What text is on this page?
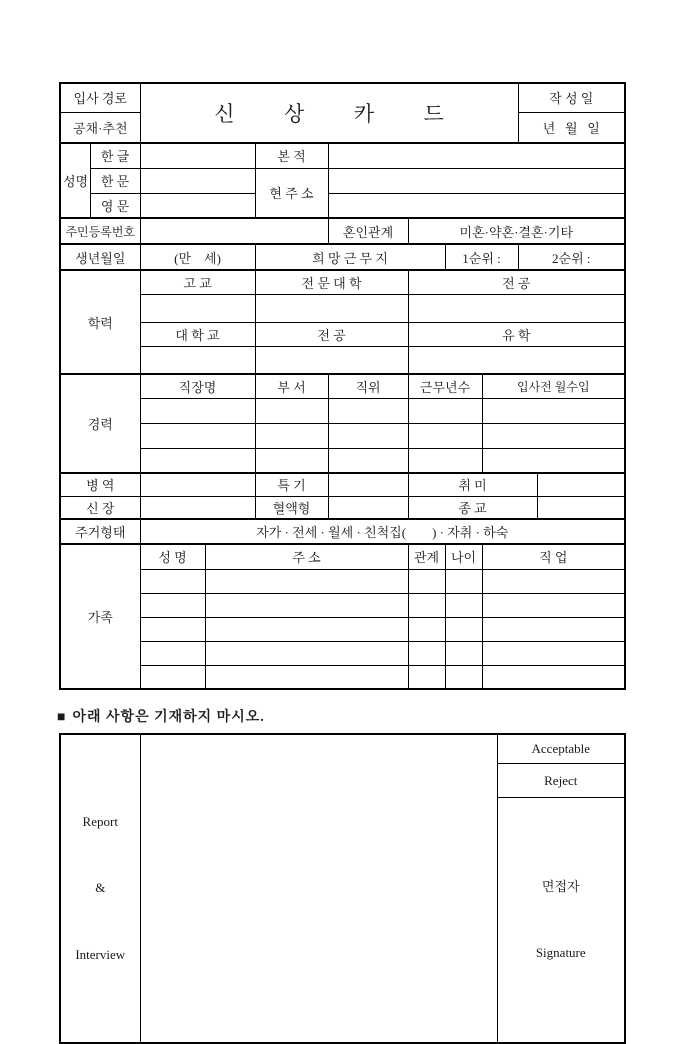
입사 경로		신  상  카  드							작 성 일	
공채·추천									년   월   일	
성명	한 글			본 적						
	한 문			현 주 소						
	영 문									
주민등록번호					혼인관계	미혼·약혼·결혼·기타				
생년월일		(만    세)		희 망 근 무 지			1순위 :		2순위 :	
학력		고 교		전 문 대 학		전 공				

		대 학 교		전 공		유 학				

경력		직장명		부 서	직위	근무년수		입사전 월수입		

병 역				특 기		취 미				
신 장				혈액형		종 교				
주거형태		자가 · 전세 · 월세 · 친척집(        ) · 자취 · 하숙								
가족		성 명	주 소			관계	나이	직 업		

■ 아래 사항은 기재하지 마시오.

Report

&

Interview

		Acceptable
Reject

면접자

Signature
